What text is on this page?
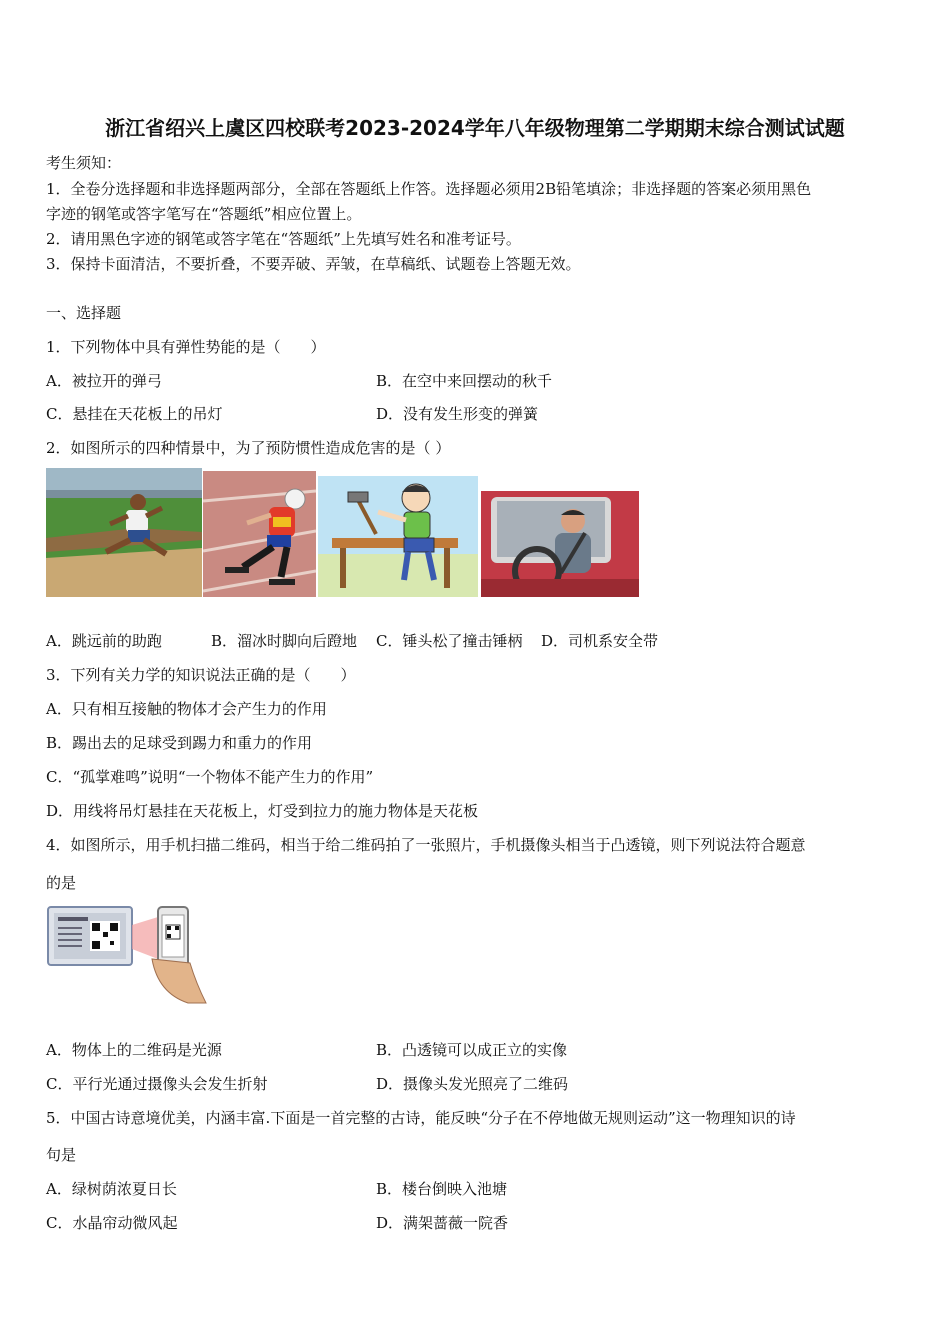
浙江省绍兴上虞区四校联考2023-2024学年八年级物理第二学期期末综合测试试题
考生须知：
1．全卷分选择题和非选择题两部分，全部在答题纸上作答。选择题必须用2B铅笔填涂；非选择题的答案必须用黑色
字迹的钢笔或答字笔写在“答题纸”相应位置上。
2．请用黑色字迹的钢笔或答字笔在“答题纸”上先填写姓名和准考证号。
3．保持卡面清洁，不要折叠，不要弄破、弄皱，在草稿纸、试题卷上答题无效。
一、选择题
1．下列物体中具有弹性势能的是（　　）
A．被拉开的弹弓	B．在空中来回摆动的秋千
C．悬挂在天花板上的吊灯	D．没有发生形变的弹簧
2．如图所示的四种情景中，为了预防惯性造成危害的是（ ）
A．跳远前的助跑	B．溜冰时脚向后蹬地 C．锤头松了撞击锤柄 D．司机系安全带
3．下列有关力学的知识说法正确的是（　　）
A．只有相互接触的物体才会产生力的作用
B．踢出去的足球受到踢力和重力的作用
C．“孤掌难鸣”说明“一个物体不能产生力的作用”
D．用线将吊灯悬挂在天花板上，灯受到拉力的施力物体是天花板
4．如图所示，用手机扫描二维码，相当于给二维码拍了一张照片，手机摄像头相当于凸透镜，则下列说法符合题意
的是
A．物体上的二维码是光源	B．凸透镜可以成正立的实像
C．平行光通过摄像头会发生折射	D．摄像头发光照亮了二维码
5．中国古诗意境优美，内涵丰富.下面是一首完整的古诗，能反映“分子在不停地做无规则运动”这一物理知识的诗
句是
A．绿树荫浓夏日长	B．楼台倒映入池塘
C．水晶帘动微风起	D．满架蔷薇一院香
